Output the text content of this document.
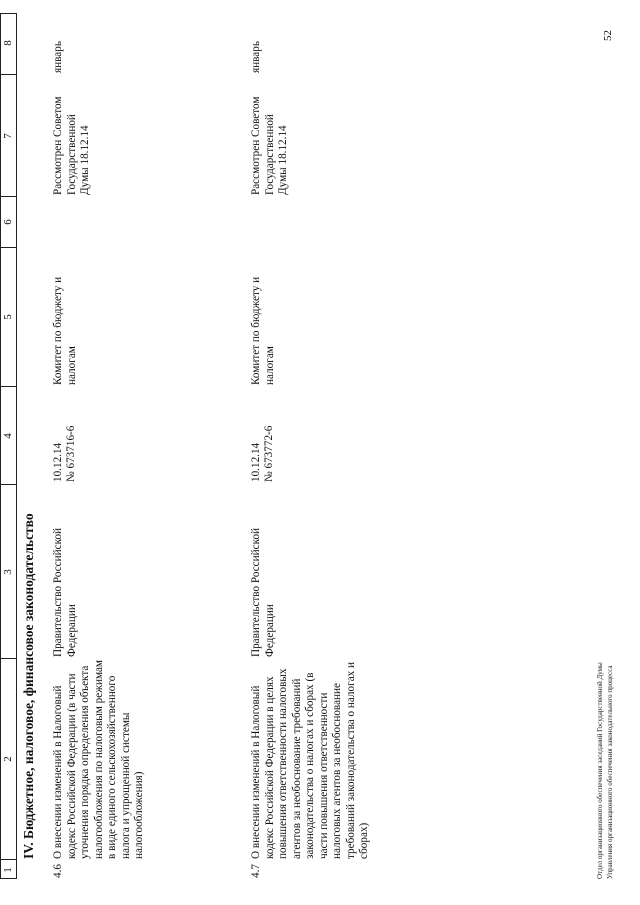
1
2
3
4
5
6
7
8
IV. Бюджетное, налоговое, финансовое законодательство
4.6
О внесении изменений в Налоговый кодекс Российской Федерации (в части уточнения порядка определения объекта налогообложения по налоговым режимам в виде единого сельскохозяйственного налога и упрощенной системы налогообложения)
Правительство Российской Федерации
10.12.14 № 673716-6
Комитет по бюджету и налогам
Рассмотрен Советом Государственной Думы 18.12.14
январь
4.7
О внесении изменений в Налоговый кодекс Российской Федерации в целях повышения ответственности налоговых агентов за необоснование требований законодательства о налогах и сборах (в части повышения ответственности налоговых агентов за необоснование требований законодательства о налогах и сборах)
Правительство Российской Федерации
10.12.14 № 673772-6
Комитет по бюджету и налогам
Рассмотрен Советом Государственной Думы 18.12.14
январь
Отдел организационного обеспечения заседаний Государственной Думы Управления организационного обеспечения законодательного процесса
52
